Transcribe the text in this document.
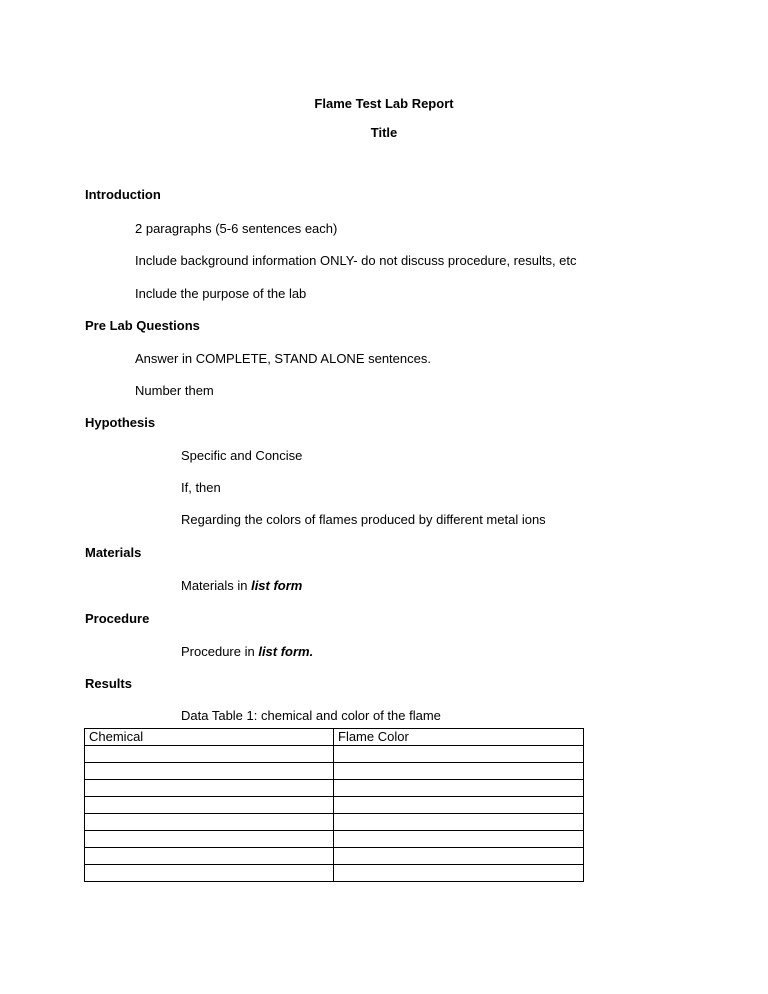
Flame Test Lab Report
Title
Introduction
2 paragraphs (5-6 sentences each)
Include background information ONLY- do not discuss procedure, results, etc
Include the purpose of the lab
Pre Lab Questions
Answer in COMPLETE, STAND ALONE sentences.
Number them
Hypothesis
Specific and Concise
If, then
Regarding the colors of flames produced by different metal ions
Materials
Materials in list form
Procedure
Procedure in list form.
Results
Data Table 1: chemical and color of the flame
Chemical	Flame Color
